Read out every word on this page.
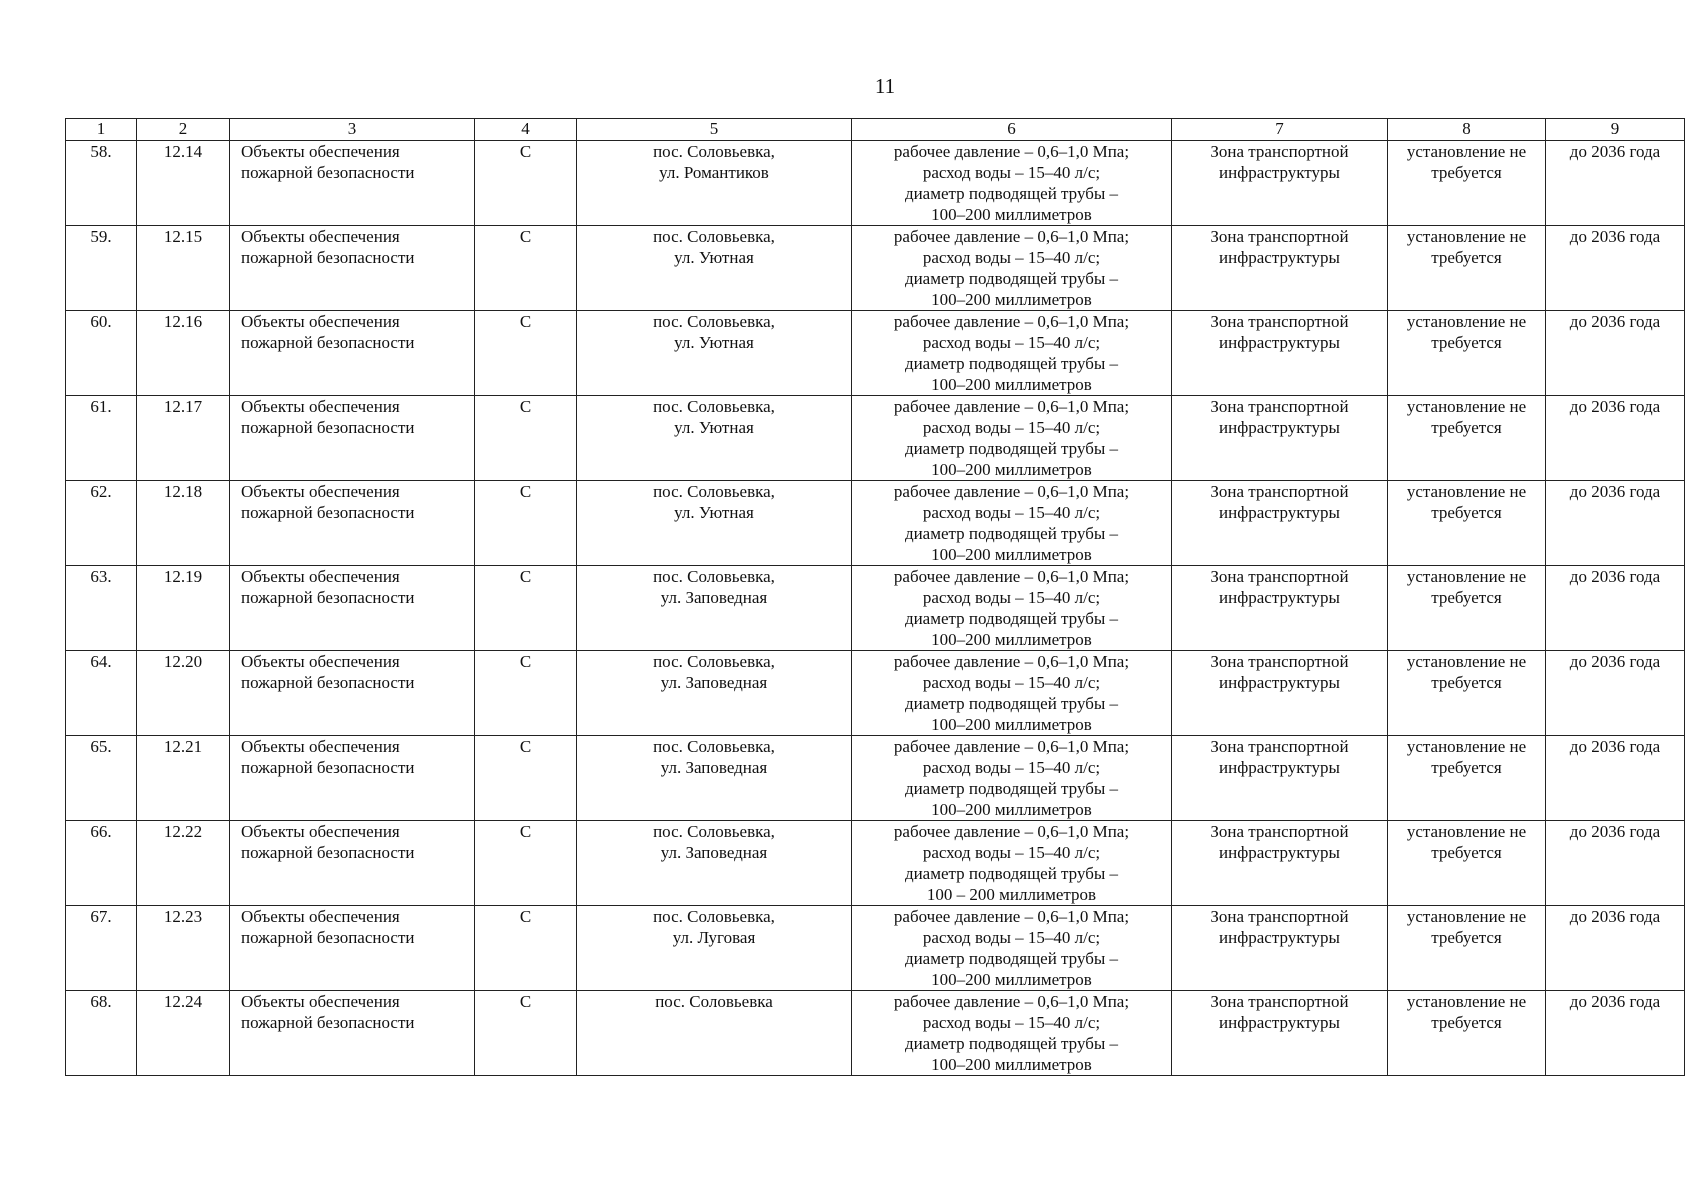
11
1	2	3	4	5	6	7	8	9
58.	12.14	Объекты обеспечения
пожарной безопасности	С	пос. Соловьевка,
ул. Романтиков	рабочее давление – 0,6–1,0 Мпа;
расход воды – 15–40 л/с;
диаметр подводящей трубы –
100–200 миллиметров	Зона транспортной
инфраструктуры	установление не
требуется	до 2036 года
59.	12.15	Объекты обеспечения
пожарной безопасности	С	пос. Соловьевка,
ул. Уютная	рабочее давление – 0,6–1,0 Мпа;
расход воды – 15–40 л/с;
диаметр подводящей трубы –
100–200 миллиметров	Зона транспортной
инфраструктуры	установление не
требуется	до 2036 года
60.	12.16	Объекты обеспечения
пожарной безопасности	С	пос. Соловьевка,
ул. Уютная	рабочее давление – 0,6–1,0 Мпа;
расход воды – 15–40 л/с;
диаметр подводящей трубы –
100–200 миллиметров	Зона транспортной
инфраструктуры	установление не
требуется	до 2036 года
61.	12.17	Объекты обеспечения
пожарной безопасности	С	пос. Соловьевка,
ул. Уютная	рабочее давление – 0,6–1,0 Мпа;
расход воды – 15–40 л/с;
диаметр подводящей трубы –
100–200 миллиметров	Зона транспортной
инфраструктуры	установление не
требуется	до 2036 года
62.	12.18	Объекты обеспечения
пожарной безопасности	С	пос. Соловьевка,
ул. Уютная	рабочее давление – 0,6–1,0 Мпа;
расход воды – 15–40 л/с;
диаметр подводящей трубы –
100–200 миллиметров	Зона транспортной
инфраструктуры	установление не
требуется	до 2036 года
63.	12.19	Объекты обеспечения
пожарной безопасности	С	пос. Соловьевка,
ул. Заповедная	рабочее давление – 0,6–1,0 Мпа;
расход воды – 15–40 л/с;
диаметр подводящей трубы –
100–200 миллиметров	Зона транспортной
инфраструктуры	установление не
требуется	до 2036 года
64.	12.20	Объекты обеспечения
пожарной безопасности	С	пос. Соловьевка,
ул. Заповедная	рабочее давление – 0,6–1,0 Мпа;
расход воды – 15–40 л/с;
диаметр подводящей трубы –
100–200 миллиметров	Зона транспортной
инфраструктуры	установление не
требуется	до 2036 года
65.	12.21	Объекты обеспечения
пожарной безопасности	С	пос. Соловьевка,
ул. Заповедная	рабочее давление – 0,6–1,0 Мпа;
расход воды – 15–40 л/с;
диаметр подводящей трубы –
100–200 миллиметров	Зона транспортной
инфраструктуры	установление не
требуется	до 2036 года
66.	12.22	Объекты обеспечения
пожарной безопасности	С	пос. Соловьевка,
ул. Заповедная	рабочее давление – 0,6–1,0 Мпа;
расход воды – 15–40 л/с;
диаметр подводящей трубы –
100 – 200 миллиметров	Зона транспортной
инфраструктуры	установление не
требуется	до 2036 года
67.	12.23	Объекты обеспечения
пожарной безопасности	С	пос. Соловьевка,
ул. Луговая	рабочее давление – 0,6–1,0 Мпа;
расход воды – 15–40 л/с;
диаметр подводящей трубы –
100–200 миллиметров	Зона транспортной
инфраструктуры	установление не
требуется	до 2036 года
68.	12.24	Объекты обеспечения
пожарной безопасности	С	пос. Соловьевка	рабочее давление – 0,6–1,0 Мпа;
расход воды – 15–40 л/с;
диаметр подводящей трубы –
100–200 миллиметров	Зона транспортной
инфраструктуры	установление не
требуется	до 2036 года
